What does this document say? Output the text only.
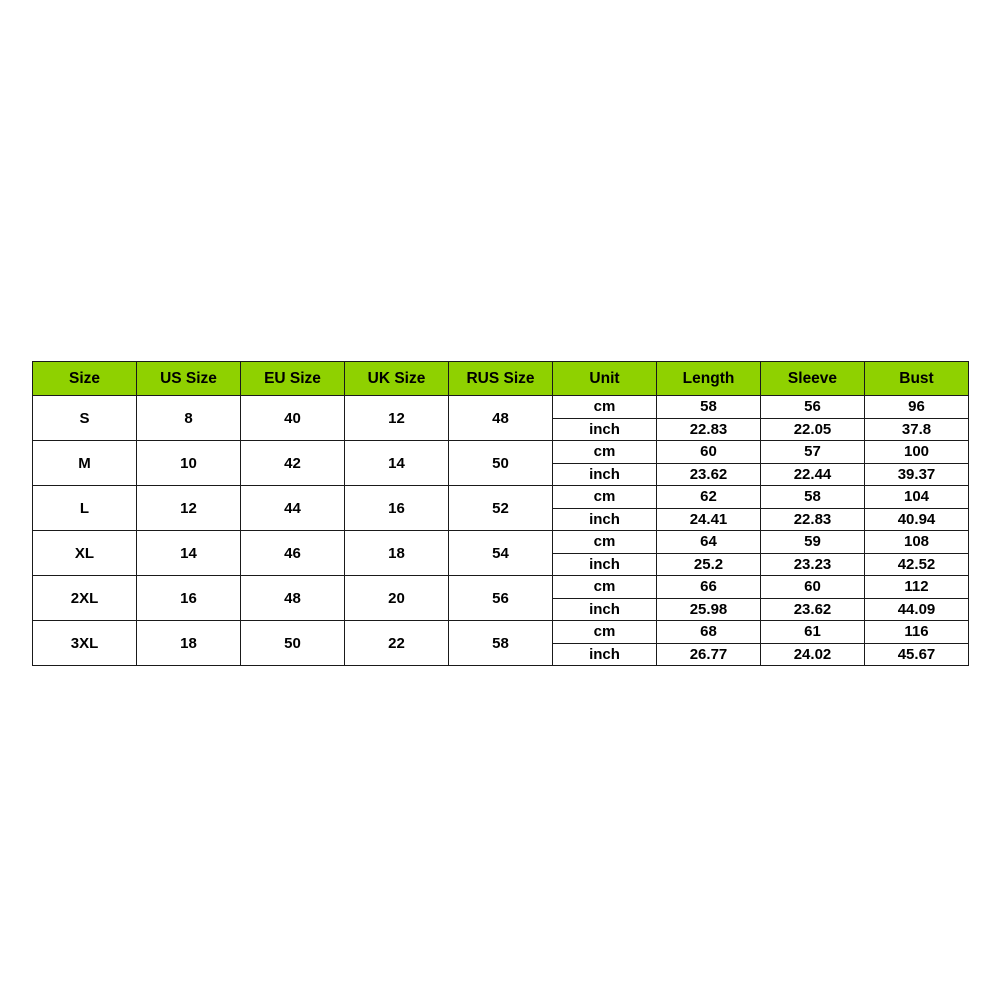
Size	US Size	EU Size	UK Size	RUS Size	Unit	Length	Sleeve	Bust
S	8	40	12	48	cm	58	56	96
					inch	22.83	22.05	37.8
M	10	42	14	50	cm	60	57	100
					inch	23.62	22.44	39.37
L	12	44	16	52	cm	62	58	104
					inch	24.41	22.83	40.94
XL	14	46	18	54	cm	64	59	108
					inch	25.2	23.23	42.52
2XL	16	48	20	56	cm	66	60	112
					inch	25.98	23.62	44.09
3XL	18	50	22	58	cm	68	61	116
					inch	26.77	24.02	45.67
